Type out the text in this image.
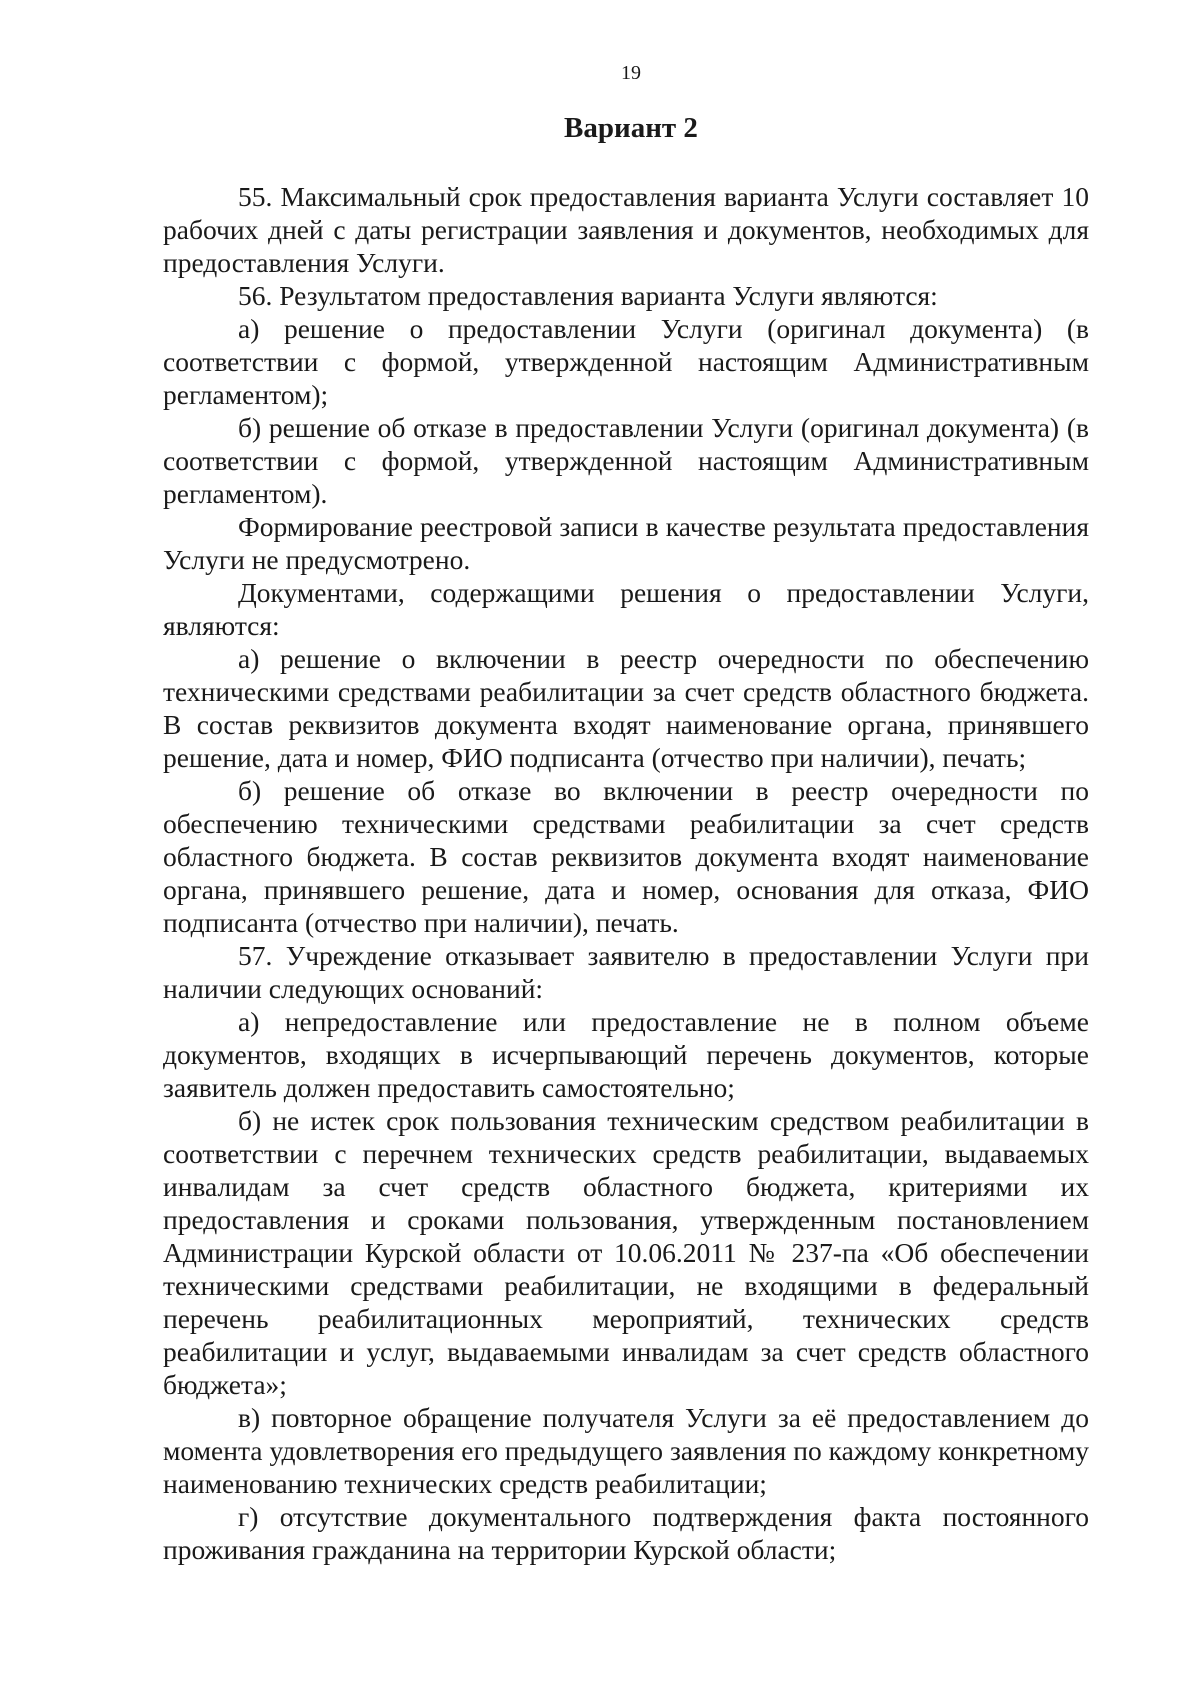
19
Вариант 2

55. Максимальный срок предоставления варианта Услуги составляет 10 рабочих дней с даты регистрации заявления и документов, необходимых для предоставления Услуги.

56. Результатом предоставления варианта Услуги являются:

а) решение о предоставлении Услуги (оригинал документа) (в соответствии с формой, утвержденной настоящим Административным регламентом);

б) решение об отказе в предоставлении Услуги (оригинал документа) (в соответствии с формой, утвержденной настоящим Административным регламентом).

Формирование реестровой записи в качестве результата предоставления Услуги не предусмотрено.

Документами, содержащими решения о предоставлении Услуги, являются:

а) решение о включении в реестр очередности по обеспечению техническими средствами реабилитации за счет средств областного бюджета. В состав реквизитов документа входят наименование органа, принявшего решение, дата и номер, ФИО подписанта (отчество при наличии), печать;

б) решение об отказе во включении в реестр очередности по обеспечению техническими средствами реабилитации за счет средств областного бюджета. В состав реквизитов документа входят наименование органа, принявшего решение, дата и номер, основания для отказа, ФИО подписанта (отчество при наличии), печать.

57. Учреждение отказывает заявителю в предоставлении Услуги при наличии следующих оснований:

а) непредоставление или предоставление не в полном объеме документов, входящих в исчерпывающий перечень документов, которые заявитель должен предоставить самостоятельно;

б) не истек срок пользования техническим средством реабилитации в соответствии с перечнем технических средств реабилитации, выдаваемых инвалидам за счет средств областного бюджета, критериями их предоставления и сроками пользования, утвержденным постановлением Администрации Курской области от 10.06.2011 № 237-па «Об обеспечении техническими средствами реабилитации, не входящими в федеральный перечень реабилитационных мероприятий, технических средств реабилитации и услуг, выдаваемыми инвалидам за счет средств областного бюджета»;

в) повторное обращение получателя Услуги за её предоставлением до момента удовлетворения его предыдущего заявления по каждому конкретному наименованию технических средств реабилитации;

г) отсутствие документального подтверждения факта постоянного проживания гражданина на территории Курской области;
